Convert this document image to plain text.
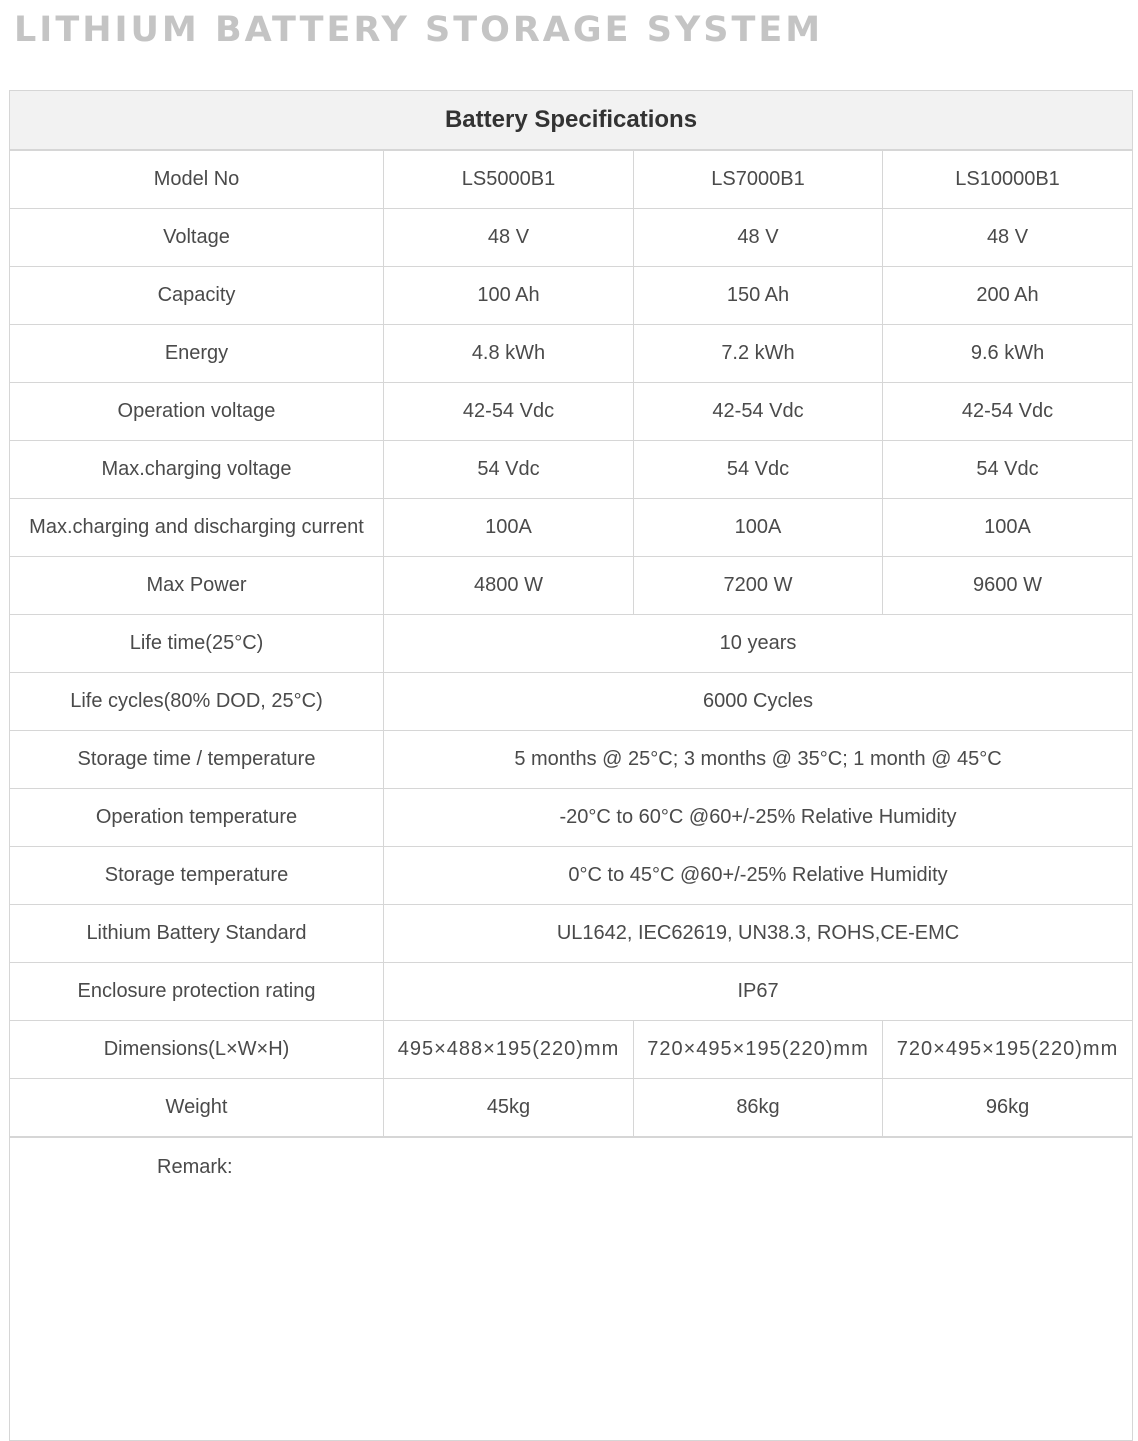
LITHIUM BATTERY STORAGE SYSTEM
Battery Specifications			
Model No	LS5000B1	LS7000B1	LS10000B1
Voltage	48 V	48 V	48 V
Capacity	100 Ah	150 Ah	200 Ah
Energy	4.8 kWh	7.2 kWh	9.6 kWh
Operation voltage	42-54 Vdc	42-54 Vdc	42-54 Vdc
Max.charging voltage	54 Vdc	54 Vdc	54 Vdc
Max.charging and discharging current	100A	100A	100A
Max Power	4800 W	7200 W	9600 W
Life time(25°C)	10 years		
Life cycles(80% DOD, 25°C)	6000 Cycles		
Storage time / temperature	5 months @ 25°C; 3 months @ 35°C; 1 month @ 45°C		
Operation temperature	-20°C to 60°C @60+/-25% Relative Humidity		
Storage temperature	0°C to 45°C @60+/-25% Relative Humidity		
Lithium Battery Standard	UL1642, IEC62619, UN38.3, ROHS,CE-EMC		
Enclosure protection rating	IP67		
Dimensions(L×W×H)	495×488×195(220)mm	720×495×195(220)mm	720×495×195(220)mm
Weight	45kg	86kg	96kg
Remark:			
